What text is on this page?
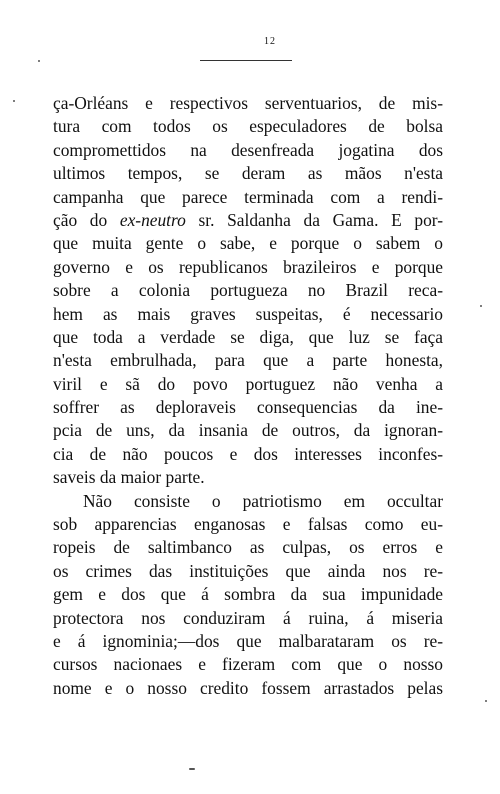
12

ça-Orléans e respectivos serventuarios, de mis-
tura com todos os especuladores de bolsa
compromettidos na desenfreada jogatina dos
ultimos tempos, se deram as mãos n'esta
campanha que parece terminada com a rendi-
ção do ex-neutro sr. Saldanha da Gama. E por-
que muita gente o sabe, e porque o sabem o
governo e os republicanos brazileiros e porque
sobre a colonia portugueza no Brazil reca-
hem as mais graves suspeitas, é necessario
que toda a verdade se diga, que luz se faça
n'esta embrulhada, para que a parte honesta,
viril e sã do povo portuguez não venha a
soffrer as deploraveis consequencias da ine-
pcia de uns, da insania de outros, da ignoran-
cia de não poucos e dos interesses inconfes-
saveis da maior parte.

Não consiste o patriotismo em occultar
sob apparencias enganosas e falsas como eu-
ropeis de saltimbanco as culpas, os erros e
os crimes das instituições que ainda nos re-
gem e dos que á sombra da sua impunidade
protectora nos conduziram á ruina, á miseria
e á ignominia;—dos que malbarataram os re-
cursos nacionaes e fizeram com que o nosso
nome e o nosso credito fossem arrastados pelas
